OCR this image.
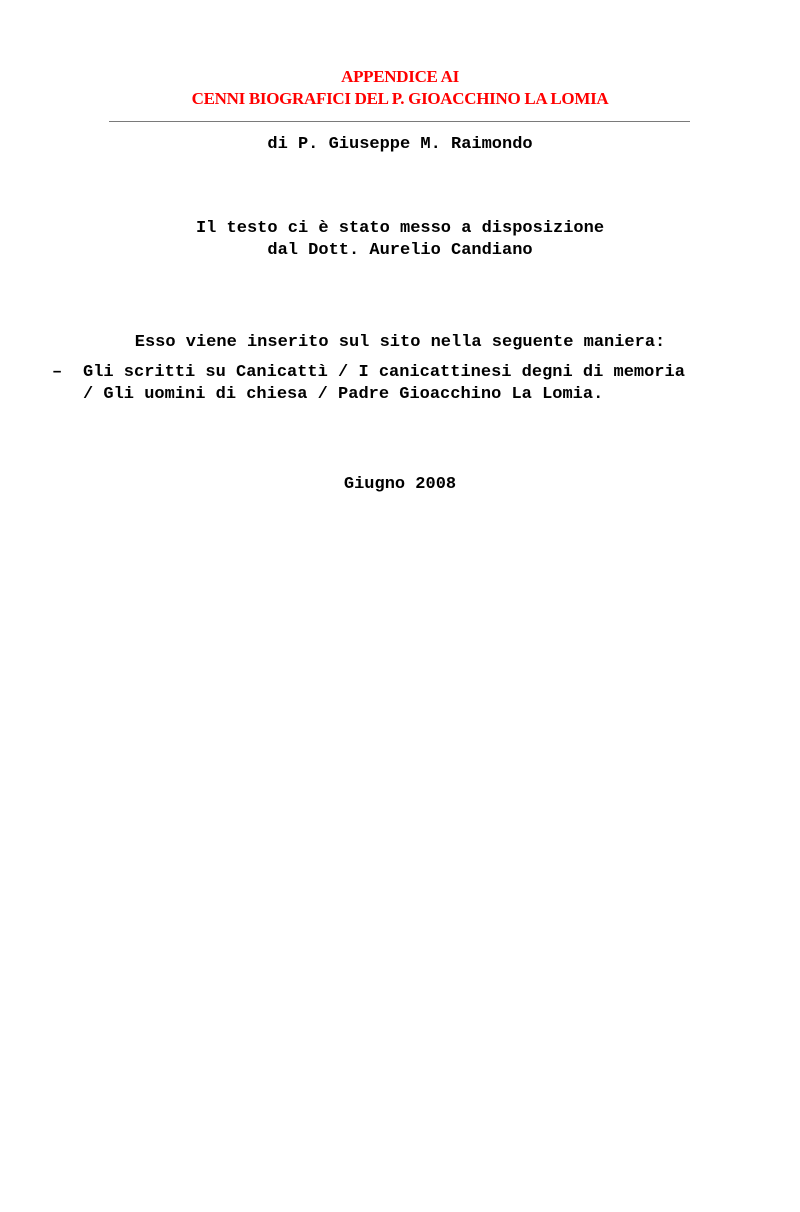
APPENDICE AI
CENNI BIOGRAFICI DEL P. GIOACCHINO LA LOMIA
di P. Giuseppe M. Raimondo
Il testo ci è stato messo a disposizione
dal Dott. Aurelio Candiano
Esso viene inserito sul sito nella seguente maniera:
– Gli scritti su Canicattì / I canicattinesi degni di memoria
/ Gli uomini di chiesa / Padre Gioacchino La Lomia.
Giugno 2008
